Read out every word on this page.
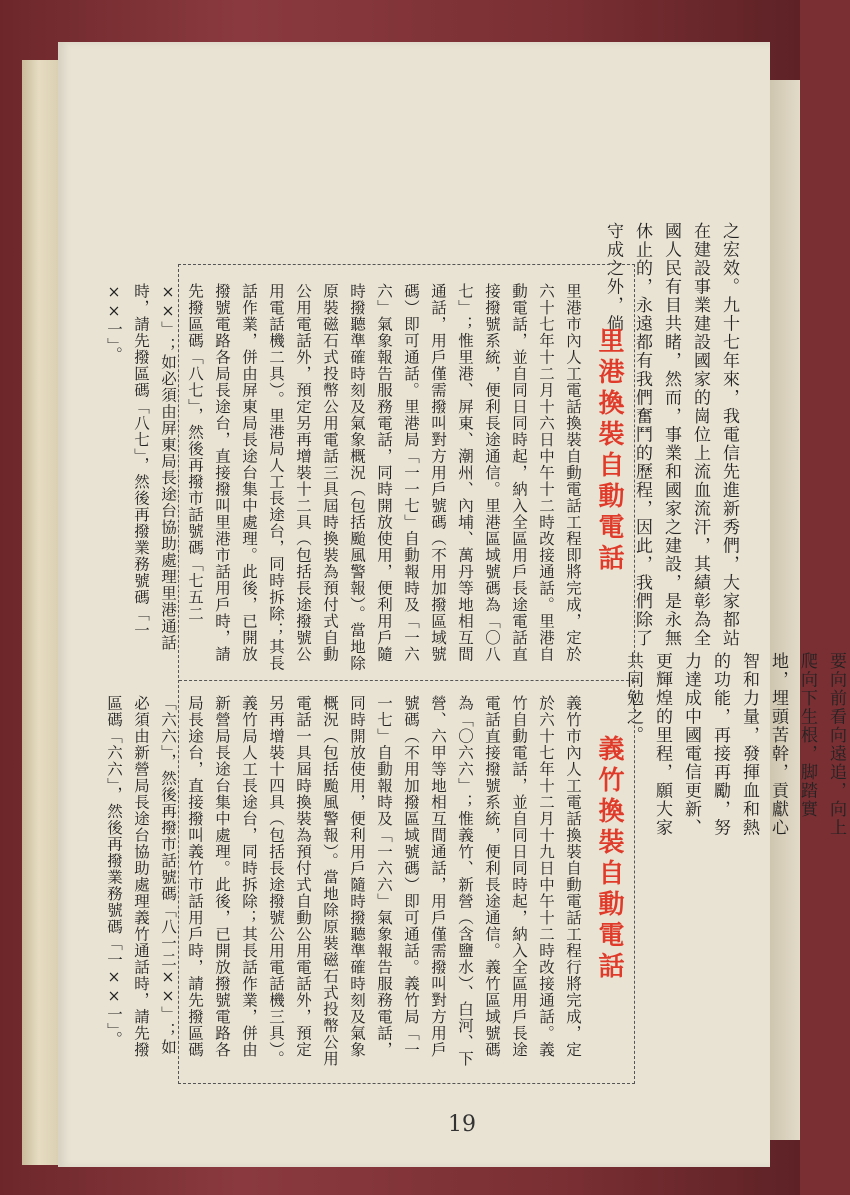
之宏效。九十七年來，我電信先進新秀們，大家都站在建設事業建設國家的崗位上流血流汗，其績彰為全國人民有目共睹，然而，事業和國家之建設，是永無休止的，永遠都有我們奮鬥的歷程，因此，我們除了守成之外，倘
要向前看向遠追，向上爬向下生根，脚踏實地，埋頭苦幹，貢獻心智和力量，發揮血和熱的功能，再接再勵，努力達成中國電信更新、更輝煌的里程，願大家共同勉之。
里港換裝自動電話
里港市內人工電話換裝自動電話工程即將完成，定於六十七年十二月十六日中午十二時改接通話。里港自動電話，並自同日同時起，納入全區用戶長途電話直接撥號系統，便利長途通信。里港區域號碼為「〇八七」；惟里港、屏東、潮州、內埔、萬丹等地相互間通話，用戶僅需撥叫對方用戶號碼（不用加撥區域號碼）即可通話。里港局「一一七」自動報時及「一六六」氣象報告服務電話，同時開放使用，便利用戶隨時撥聽準確時刻及氣象概況（包括颱風警報）。當地除原裝磁石式投幣公用電話三具屆時換裝為預付式自動公用電話外，預定另再增裝十二具（包括長途撥號公用電話機二具）。里港局人工長途台，同時拆除；其長話作業，併由屏東局長途台集中處理。此後，已開放撥號電路各局長途台，直接撥叫里港市話用戶時，請先撥區碼「八七」，然後再撥市話號碼「七五二××」；如必須由屏東局長途台協助處理里港通話時，請先撥區碼「八七」，然後再撥業務號碼「一××一」。
義竹換裝自動電話
義竹市內人工電話換裝自動電話工程行將完成，定於六十七年十二月十九日中午十二時改接通話。義竹自動電話，並自同日同時起，納入全區用戶長途電話直接撥號系統，便利長途通信。義竹區域號碼為「〇六六」；惟義竹、新營（含鹽水）、白河、下營、六甲等地相互間通話，用戶僅需撥叫對方用戶號碼（不用加撥區域號碼）即可通話。義竹局「一一七」自動報時及「一六六」氣象報告服務電話，同時開放使用，便利用戶隨時撥聽準確時刻及氣象概況（包括颱風警報）。當地除原裝磁石式投幣公用電話一具屆時換裝為預付式自動公用電話外，預定另再增裝十四具（包括長途撥號公用電話機三具）。義竹局人工長途台，同時拆除；其長話作業，併由新營局長途台集中處理。此後，已開放撥號電路各局長途台，直接撥叫義竹市話用戶時，請先撥區碼「六六」，然後再撥市話號碼「八一二××」；如必須由新營局長途台協助處理義竹通話時，請先撥區碼「六六」，然後再撥業務號碼「一××一」。
19
